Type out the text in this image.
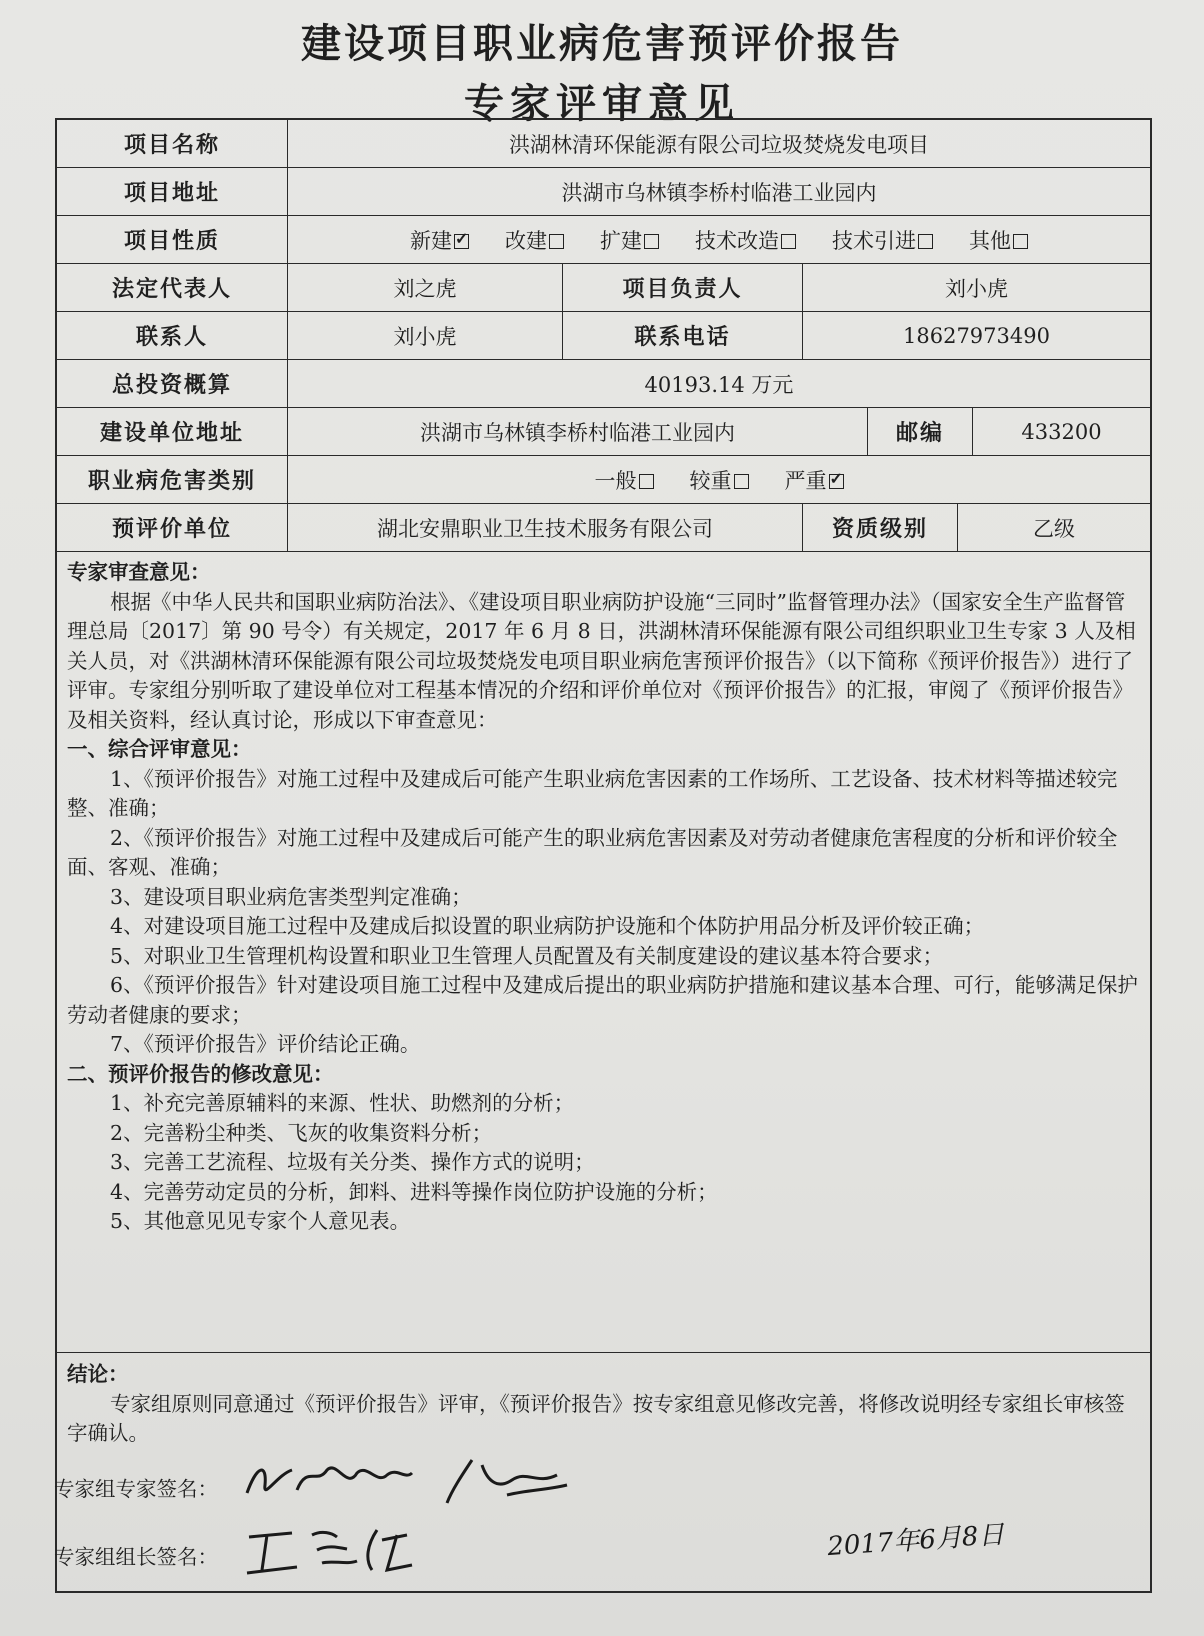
建设项目职业病危害预评价报告
专家评审意见
项目名称	洪湖林清环保能源有限公司垃圾焚烧发电项目
项目地址	洪湖市乌林镇李桥村临港工业园内
项目性质	新建✓	改建	扩建	技术改造	技术引进	其他
法定代表人	刘之虎	项目负责人	刘小虎
联系人	刘小虎	联系电话	18627973490
总投资概算	40193.14 万元
建设单位地址	洪湖市乌林镇李桥村临港工业园内	邮编	433200
职业病危害类别	一般	较重	严重✓
预评价单位	湖北安鼎职业卫生技术服务有限公司	资质级别	乙级

专家审查意见：

根据《中华人民共和国职业病防治法》、《建设项目职业病防护设施“三同时”监督管理办法》（国家安全生产监督管理总局〔2017〕第 90 号令）有关规定，2017 年 6 月 8 日，洪湖林清环保能源有限公司组织职业卫生专家 3 人及相关人员，对《洪湖林清环保能源有限公司垃圾焚烧发电项目职业病危害预评价报告》（以下简称《预评价报告》）进行了评审。专家组分别听取了建设单位对工程基本情况的介绍和评价单位对《预评价报告》的汇报，审阅了《预评价报告》及相关资料，经认真讨论，形成以下审查意见：

一、综合评审意见：

1、《预评价报告》对施工过程中及建成后可能产生职业病危害因素的工作场所、工艺设备、技术材料等描述较完整、准确；

2、《预评价报告》对施工过程中及建成后可能产生的职业病危害因素及对劳动者健康危害程度的分析和评价较全面、客观、准确；

3、建设项目职业病危害类型判定准确；

4、对建设项目施工过程中及建成后拟设置的职业病防护设施和个体防护用品分析及评价较正确；

5、对职业卫生管理机构设置和职业卫生管理人员配置及有关制度建设的建议基本符合要求；

6、《预评价报告》针对建设项目施工过程中及建成后提出的职业病防护措施和建议基本合理、可行，能够满足保护劳动者健康的要求；

7、《预评价报告》评价结论正确。

二、预评价报告的修改意见：

1、补充完善原辅料的来源、性状、助燃剂的分析；

2、完善粉尘种类、飞灰的收集资料分析；

3、完善工艺流程、垃圾有关分类、操作方式的说明；

4、完善劳动定员的分析，卸料、进料等操作岗位防护设施的分析；

5、其他意见见专家个人意见表。

结论：

专家组原则同意通过《预评价报告》评审，《预评价报告》按专家组意见修改完善，将修改说明经专家组长审核签字确认。

专家组专家签名：
专家组组长签名：	2017年6月8日
